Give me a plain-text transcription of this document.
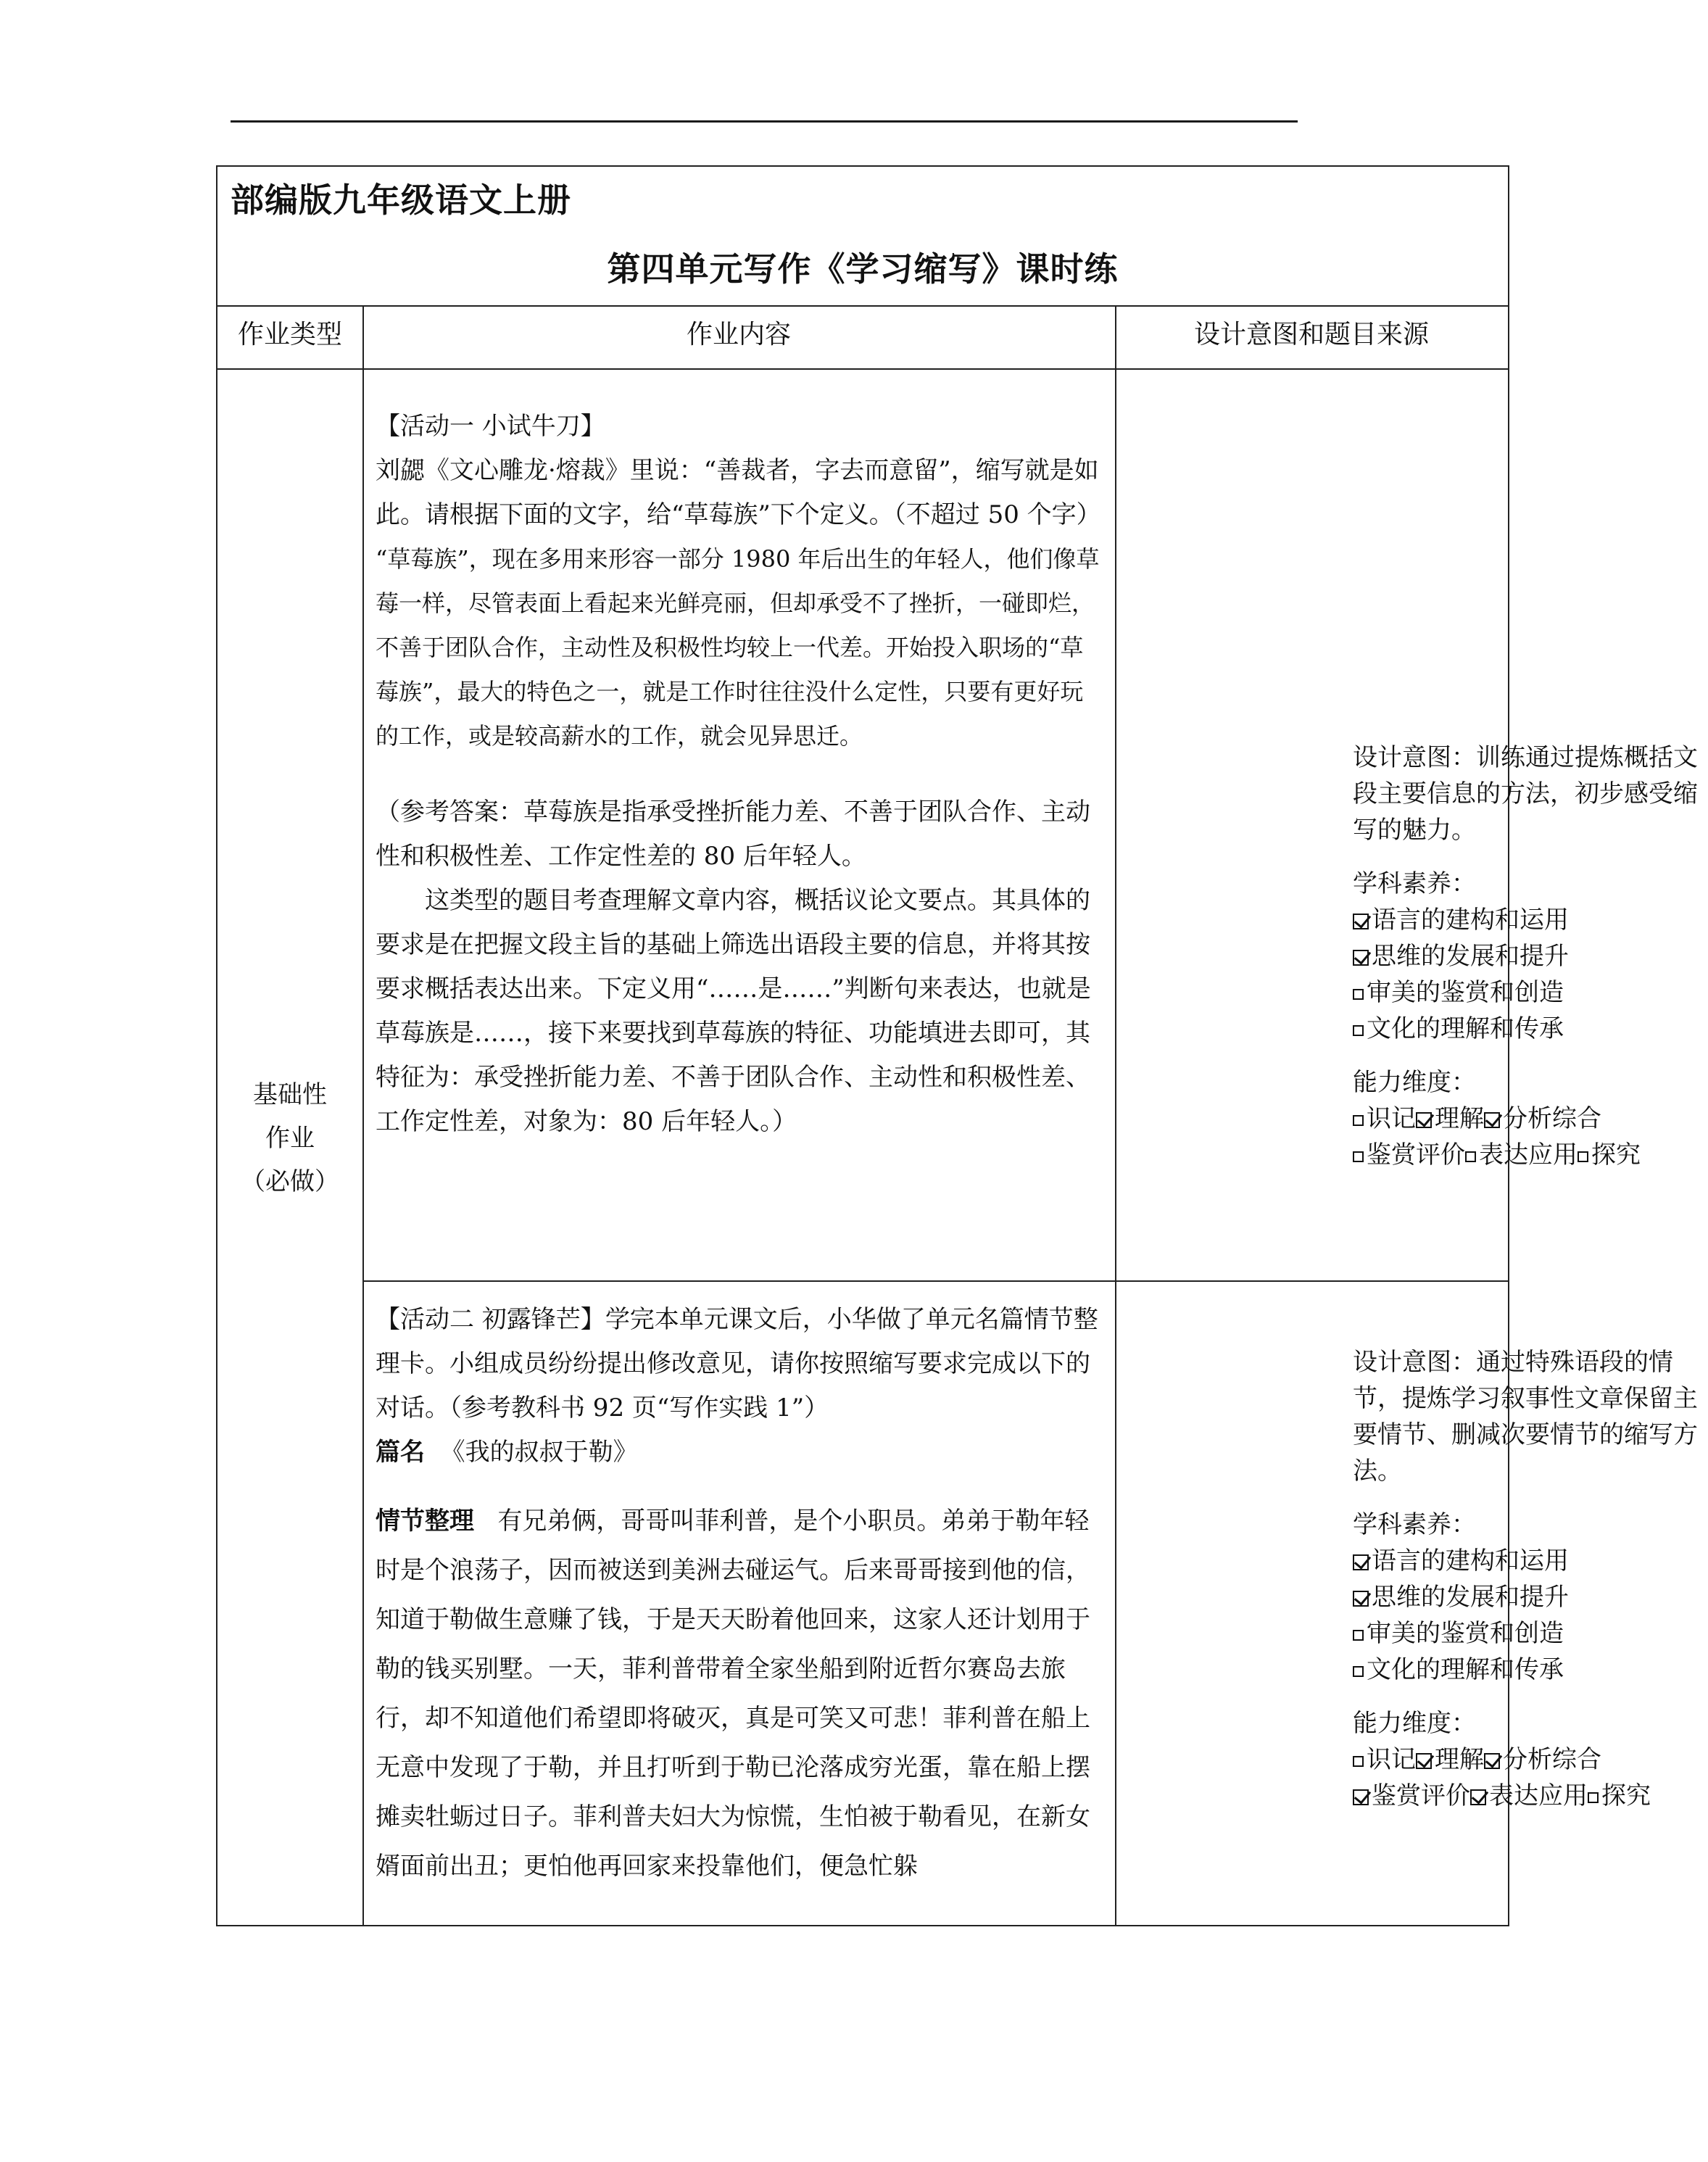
部编版九年级语文上册
第四单元写作《学习缩写》课时练
作业类型	作业内容	设计意图和题目来源
基础性
作业
（必做）

【活动一 小试牛刀】

刘勰《文心雕龙·熔裁》里说：“善裁者，字去而意留”，缩写就是如此。请根据下面的文字，给“草莓族”下个定义。（不超过 50 个字）

“草莓族”，现在多用来形容一部分 1980 年后出生的年轻人，他们像草莓一样，尽管表面上看起来光鲜亮丽，但却承受不了挫折，一碰即烂，不善于团队合作，主动性及积极性均较上一代差。开始投入职场的“草莓族”，最大的特色之一，就是工作时往往没什么定性，只要有更好玩的工作，或是较高薪水的工作，就会见异思迁。

（参考答案：草莓族是指承受挫折能力差、不善于团队合作、主动性和积极性差、工作定性差的 80 后年轻人。

这类型的题目考查理解文章内容，概括议论文要点。其具体的要求是在把握文段主旨的基础上筛选出语段主要的信息，并将其按要求概括表达出来。下定义用“……是……”判断句来表达，也就是草莓族是……，接下来要找到草莓族的特征、功能填进去即可，其特征为：承受挫折能力差、不善于团队合作、主动性和积极性差、工作定性差，对象为：80 后年轻人。）

设计意图：训练通过提炼概括文段主要信息的方法，初步感受缩写的魅力。

学科素养：

语言的建构和运用

思维的发展和提升

审美的鉴赏和创造

文化的理解和传承

能力维度：

识记 理解 分析综合

鉴赏评价 表达应用 探究

【活动二 初露锋芒】学完本单元课文后，小华做了单元名篇情节整理卡。小组成员纷纷提出修改意见，请你按照缩写要求完成以下的对话。（参考教科书 92 页“写作实践 1”）

篇名 《我的叔叔于勒》

情节整理 有兄弟俩，哥哥叫菲利普，是个小职员。弟弟于勒年轻时是个浪荡子，因而被送到美洲去碰运气。后来哥哥接到他的信，知道于勒做生意赚了钱，于是天天盼着他回来，这家人还计划用于勒的钱买别墅。一天，菲利普带着全家坐船到附近哲尔赛岛去旅行，却不知道他们希望即将破灭，真是可笑又可悲！菲利普在船上无意中发现了于勒，并且打听到于勒已沦落成穷光蛋，靠在船上摆摊卖牡蛎过日子。菲利普夫妇大为惊慌，生怕被于勒看见，在新女婿面前出丑；更怕他再回家来投靠他们，便急忙躲

设计意图：通过特殊语段的情节，提炼学习叙事性文章保留主要情节、删减次要情节的缩写方法。

学科素养：

语言的建构和运用

思维的发展和提升

审美的鉴赏和创造

文化的理解和传承

能力维度：

识记 理解 分析综合

鉴赏评价 表达应用 探究
